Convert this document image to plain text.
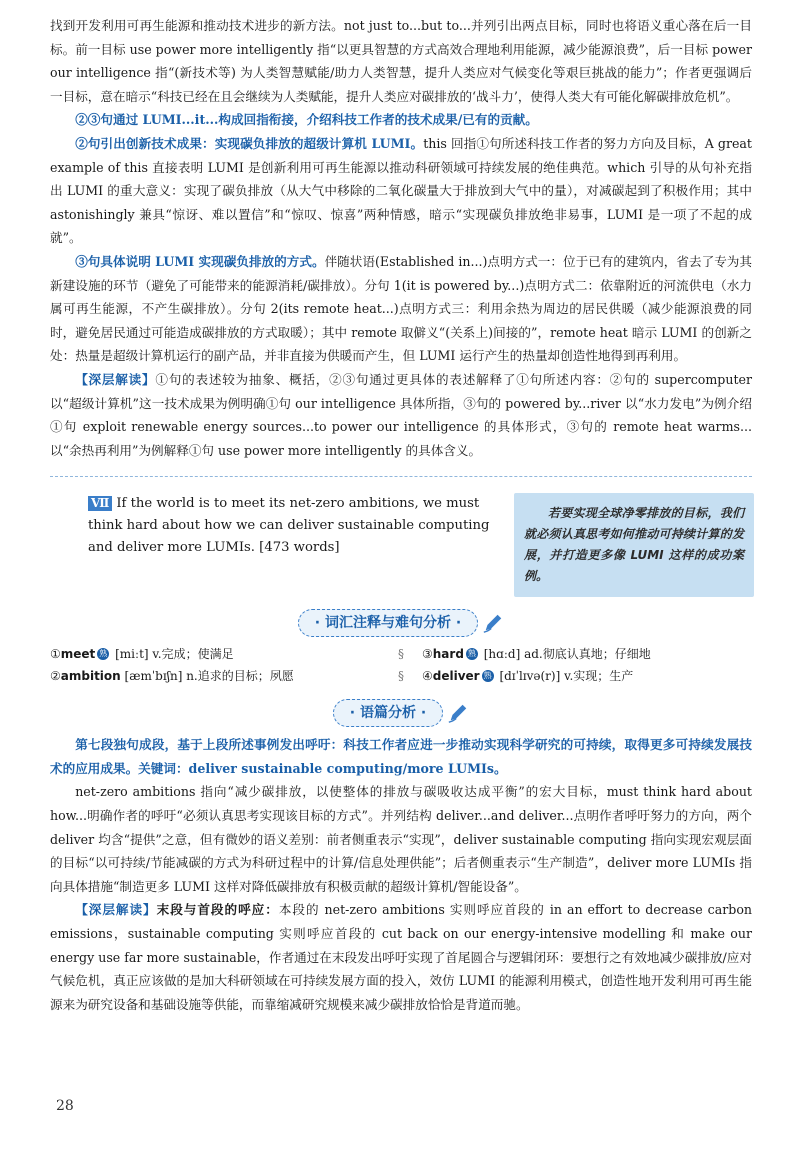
找到开发利用可再生能源和推动技术进步的新方法。not just to...but to...并列引出两点目标，同时也将语义重心落在后一目标。前一目标 use power more intelligently 指“以更具智慧的方式高效合理地利用能源，减少能源浪费”，后一目标 power our intelligence 指“(新技术等) 为人类智慧赋能/助力人类智慧，提升人类应对气候变化等艰巨挑战的能力”；作者更强调后一目标，意在暗示“科技已经在且会继续为人类赋能，提升人类应对碳排放的‘战斗力’，使得人类大有可能化解碳排放危机”。

②③句通过 LUMI...it...构成回指衔接，介绍科技工作者的技术成果/已有的贡献。

②句引出创新技术成果：实现碳负排放的超级计算机 LUMI。this 回指①句所述科技工作者的努力方向及目标，A great example of this 直接表明 LUMI 是创新利用可再生能源以推动科研领域可持续发展的绝佳典范。which 引导的从句补充指出 LUMI 的重大意义：实现了碳负排放（从大气中移除的二氧化碳量大于排放到大气中的量），对减碳起到了积极作用；其中 astonishingly 兼具“惊讶、难以置信”和“惊叹、惊喜”两种情感，暗示“实现碳负排放绝非易事，LUMI 是一项了不起的成就”。

③句具体说明 LUMI 实现碳负排放的方式。伴随状语(Established in...)点明方式一：位于已有的建筑内，省去了专为其新建设施的环节（避免了可能带来的能源消耗/碳排放）。分句 1(it is powered by...)点明方式二：依靠附近的河流供电（水力属可再生能源，不产生碳排放）。分句 2(its remote heat...)点明方式三：利用余热为周边的居民供暖（减少能源浪费的同时，避免居民通过可能造成碳排放的方式取暖）；其中 remote 取僻义“(关系上)间接的”，remote heat 暗示 LUMI 的创新之处：热量是超级计算机运行的副产品，并非直接为供暖而产生，但 LUMI 运行产生的热量却创造性地得到再利用。

【深层解读】①句的表述较为抽象、概括，②③句通过更具体的表述解释了①句所述内容：②句的 supercomputer 以“超级计算机”这一技术成果为例明确①句 our intelligence 具体所指，③句的 powered by...river 以“水力发电”为例介绍①句 exploit renewable energy sources...to power our intelligence 的具体形式，③句的 remote heat warms...以“余热再利用”为例解释①句 use power more intelligently 的具体含义。

Ⅶ If the world is to meet its net-zero ambitions, we must think hard about how we can deliver sustainable computing and deliver more LUMIs. [473 words]

若要实现全球净零排放的目标，我们就必须认真思考如何推动可持续计算的发展，并打造更多像 LUMI 这样的成功案例。

· 词汇注释与难句分析 ·
①meet 熟 [miːt] v.完成；使满足
②ambition [æmˈbɪʃn] n.追求的目标；夙愿
§
§
③hard 熟 [hɑːd] ad.彻底认真地；仔细地
④deliver 熟 [dɪˈlɪvə(r)] v.实现；生产
· 语篇分析 ·

第七段独句成段，基于上段所述事例发出呼吁：科技工作者应进一步推动实现科学研究的可持续，取得更多可持续发展技术的应用成果。关键词：deliver sustainable computing/more LUMIs。

net-zero ambitions 指向“减少碳排放，以使整体的排放与碳吸收达成平衡”的宏大目标，must think hard about how...明确作者的呼吁“必须认真思考实现该目标的方式”。并列结构 deliver...and deliver...点明作者呼吁努力的方向，两个 deliver 均含“提供”之意，但有微妙的语义差别：前者侧重表示“实现”，deliver sustainable computing 指向实现宏观层面的目标“以可持续/节能减碳的方式为科研过程中的计算/信息处理供能”；后者侧重表示“生产制造”，deliver more LUMIs 指向具体措施“制造更多 LUMI 这样对降低碳排放有积极贡献的超级计算机/智能设备”。

【深层解读】末段与首段的呼应：本段的 net-zero ambitions 实则呼应首段的 in an effort to decrease carbon emissions，sustainable computing 实则呼应首段的 cut back on our energy-intensive modelling 和 make our energy use far more sustainable，作者通过在末段发出呼吁实现了首尾圆合与逻辑闭环：要想行之有效地减少碳排放/应对气候危机，真正应该做的是加大科研领域在可持续发展方面的投入，效仿 LUMI 的能源利用模式，创造性地开发利用可再生能源来为研究设备和基础设施等供能，而靠缩减研究规模来减少碳排放恰恰是背道而驰。

28
